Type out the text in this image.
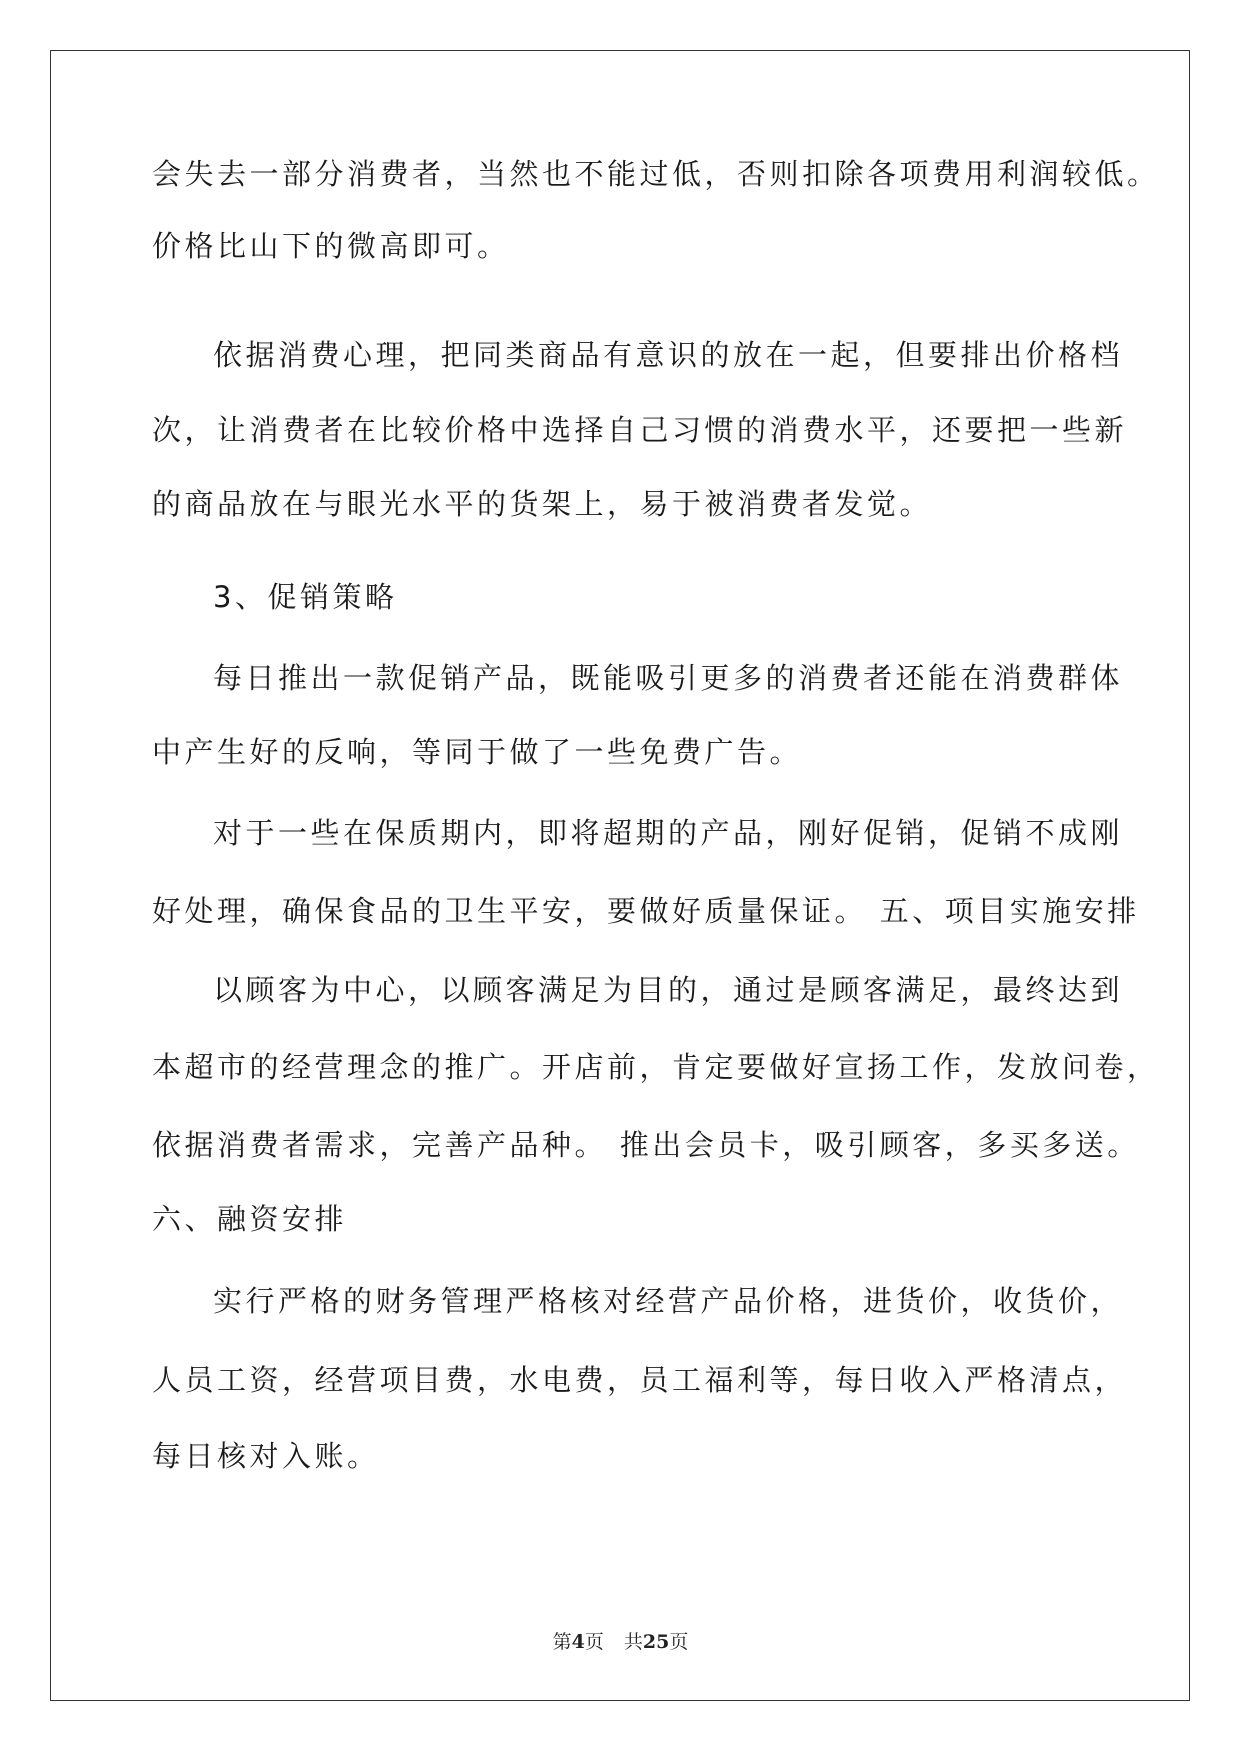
会失去一部分消费者，当然也不能过低，否则扣除各项费用利润较低。
价格比山下的微高即可。
依据消费心理，把同类商品有意识的放在一起，但要排出价格档
次，让消费者在比较价格中选择自己习惯的消费水平，还要把一些新
的商品放在与眼光水平的货架上，易于被消费者发觉。
3、促销策略
每日推出一款促销产品，既能吸引更多的消费者还能在消费群体
中产生好的反响，等同于做了一些免费广告。
对于一些在保质期内，即将超期的产品，刚好促销，促销不成刚
好处理，确保食品的卫生平安，要做好质量保证。 五、项目实施安排
以顾客为中心，以顾客满足为目的，通过是顾客满足，最终达到
本超市的经营理念的推广。开店前，肯定要做好宣扬工作，发放问卷，
依据消费者需求，完善产品种。 推出会员卡，吸引顾客，多买多送。
六、融资安排
实行严格的财务管理严格核对经营产品价格，进货价，收货价，
人员工资，经营项目费，水电费，员工福利等，每日收入严格清点，
每日核对入账。
第4页 共25页
